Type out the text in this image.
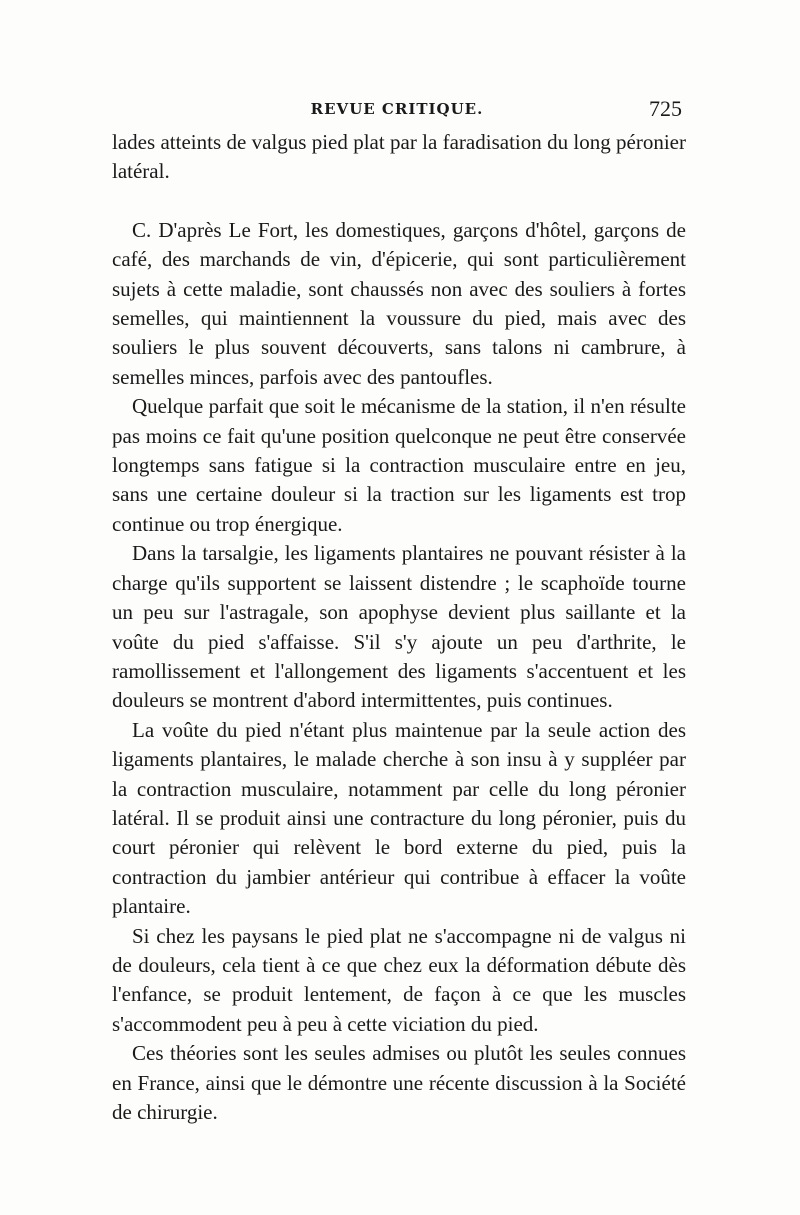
REVUE CRITIQUE.	725

lades atteints de valgus pied plat par la faradisation du long péronier latéral.

C. D'après Le Fort, les domestiques, garçons d'hôtel, garçons de café, des marchands de vin, d'épicerie, qui sont particulièrement sujets à cette maladie, sont chaussés non avec des souliers à fortes semelles, qui maintiennent la voussure du pied, mais avec des souliers le plus souvent découverts, sans talons ni cambrure, à semelles minces, parfois avec des pantoufles.

Quelque parfait que soit le mécanisme de la station, il n'en résulte pas moins ce fait qu'une position quelconque ne peut être conservée longtemps sans fatigue si la contraction musculaire entre en jeu, sans une certaine douleur si la traction sur les ligaments est trop continue ou trop énergique.

Dans la tarsalgie, les ligaments plantaires ne pouvant résister à la charge qu'ils supportent se laissent distendre ; le scaphoïde tourne un peu sur l'astragale, son apophyse devient plus saillante et la voûte du pied s'affaisse. S'il s'y ajoute un peu d'arthrite, le ramollissement et l'allongement des ligaments s'accentuent et les douleurs se montrent d'abord intermittentes, puis continues.

La voûte du pied n'étant plus maintenue par la seule action des ligaments plantaires, le malade cherche à son insu à y suppléer par la contraction musculaire, notamment par celle du long péronier latéral. Il se produit ainsi une contracture du long péronier, puis du court péronier qui relèvent le bord externe du pied, puis la contraction du jambier antérieur qui contribue à effacer la voûte plantaire.

Si chez les paysans le pied plat ne s'accompagne ni de valgus ni de douleurs, cela tient à ce que chez eux la déformation débute dès l'enfance, se produit lentement, de façon à ce que les muscles s'accommodent peu à peu à cette viciation du pied.

Ces théories sont les seules admises ou plutôt les seules connues en France, ainsi que le démontre une récente discussion à la Société de chirurgie.
